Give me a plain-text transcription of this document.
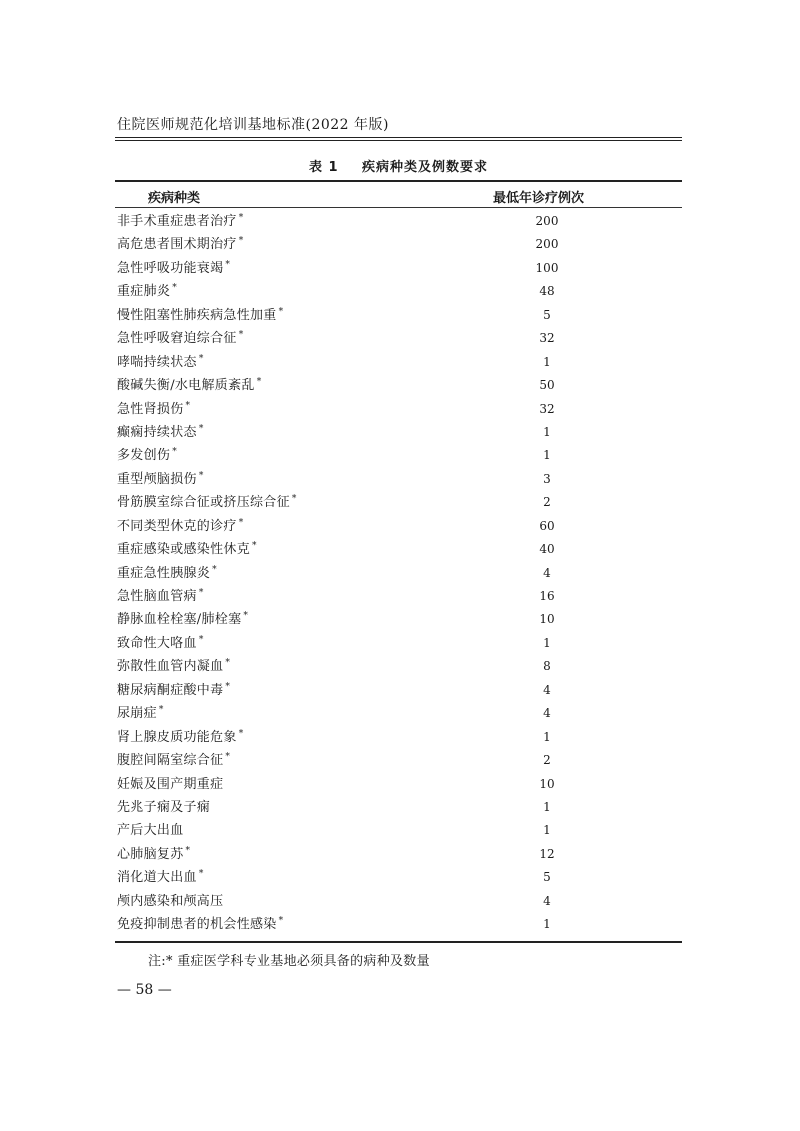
住院医师规范化培训基地标准(2022 年版)
表 1 疾病种类及例数要求
疾病种类	最低年诊疗例次
非手术重症患者治疗 *	200
高危患者围术期治疗 *	200
急性呼吸功能衰竭 *	100
重症肺炎 *	48
慢性阻塞性肺疾病急性加重 *	5
急性呼吸窘迫综合征 *	32
哮喘持续状态 *	1
酸碱失衡/水电解质紊乱 *	50
急性肾损伤 *	32
癫痫持续状态 *	1
多发创伤 *	1
重型颅脑损伤 *	3
骨筋膜室综合征或挤压综合征 *	2
不同类型休克的诊疗 *	60
重症感染或感染性休克 *	40
重症急性胰腺炎 *	4
急性脑血管病 *	16
静脉血栓栓塞/肺栓塞 *	10
致命性大咯血 *	1
弥散性血管内凝血 *	8
糖尿病酮症酸中毒 *	4
尿崩症 *	4
肾上腺皮质功能危象 *	1
腹腔间隔室综合征 *	2
妊娠及围产期重症	10
先兆子痫及子痫	1
产后大出血	1
心肺脑复苏 *	12
消化道大出血 *	5
颅内感染和颅高压	4
免疫抑制患者的机会性感染 *	1
注:* 重症医学科专业基地必须具备的病种及数量
— 58 —
